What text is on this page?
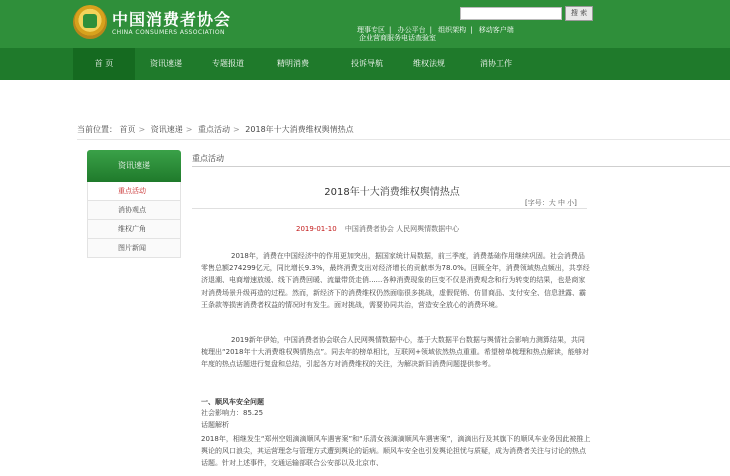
中国消费者协会
CHINA CONSUMERS ASSOCIATION
搜 索
理事专区 | 办公平台 | 组织架构 | 移动客户端
企业营商服务电话查验室
首 页	资讯速递	专题报道	精明消费	投诉导航	维权法规	消协工作
当前位置： 首页 > 资讯速递 > 重点活动 > 2018年十大消费维权舆情热点
资讯速递
重点活动
消协观点
维权广角
图片新闻
重点活动
2018年十大消费维权舆情热点
[字号：大 中 小]
2019-01-10 中国消费者协会 人民网舆情数据中心

2018年，消费在中国经济中的作用更加突出，据国家统计局数据，前三季度，消费基础作用继续巩固。社会消费品零售总额274299亿元，同比增长9.3%，最终消费支出对经济增长的贡献率为78.0%。回顾全年，消费领域热点频出，共享经济退潮、电商增速放缓、线下消费回暖、流量带货走俏......各种消费现象的巨变不仅是消费观念和行为转变的结果，也是商家对消费场景升级再造的过程。然而，新经济下的消费维权仍然面临很多挑战，虚假促销、仿冒商品、支付安全、信息泄露、霸王条款等损害消费者权益的情况时有发生。面对挑战，需要协同共治，营造安全放心的消费环境。

2019新年伊始，中国消费者协会联合人民网舆情数据中心，基于大数据平台数据与舆情社会影响力测算结果，共同梳理出“2018年十大消费维权舆情热点”。同去年的榜单相比，互联网+领域依然热点重重。希望榜单梳理和热点解读，能够对年度的热点话题进行复盘和总结，引起各方对消费维权的关注，为解决新旧消费问题提供参考。

一、顺风车安全问题
社会影响力：85.25
话题解析

2018年，相继发生“郑州空姐滴滴顺风车遇害案”和“乐清女孩滴滴顺风车遇害案”，滴滴出行及其旗下的顺风车业务因此被推上舆论的风口浪尖，其运营理念与管理方式遭到舆论的诟病。顺风车安全也引发舆论担忧与质疑，成为消费者关注与讨论的热点话题。针对上述事件，交通运输部联合公安部以及北京市、
